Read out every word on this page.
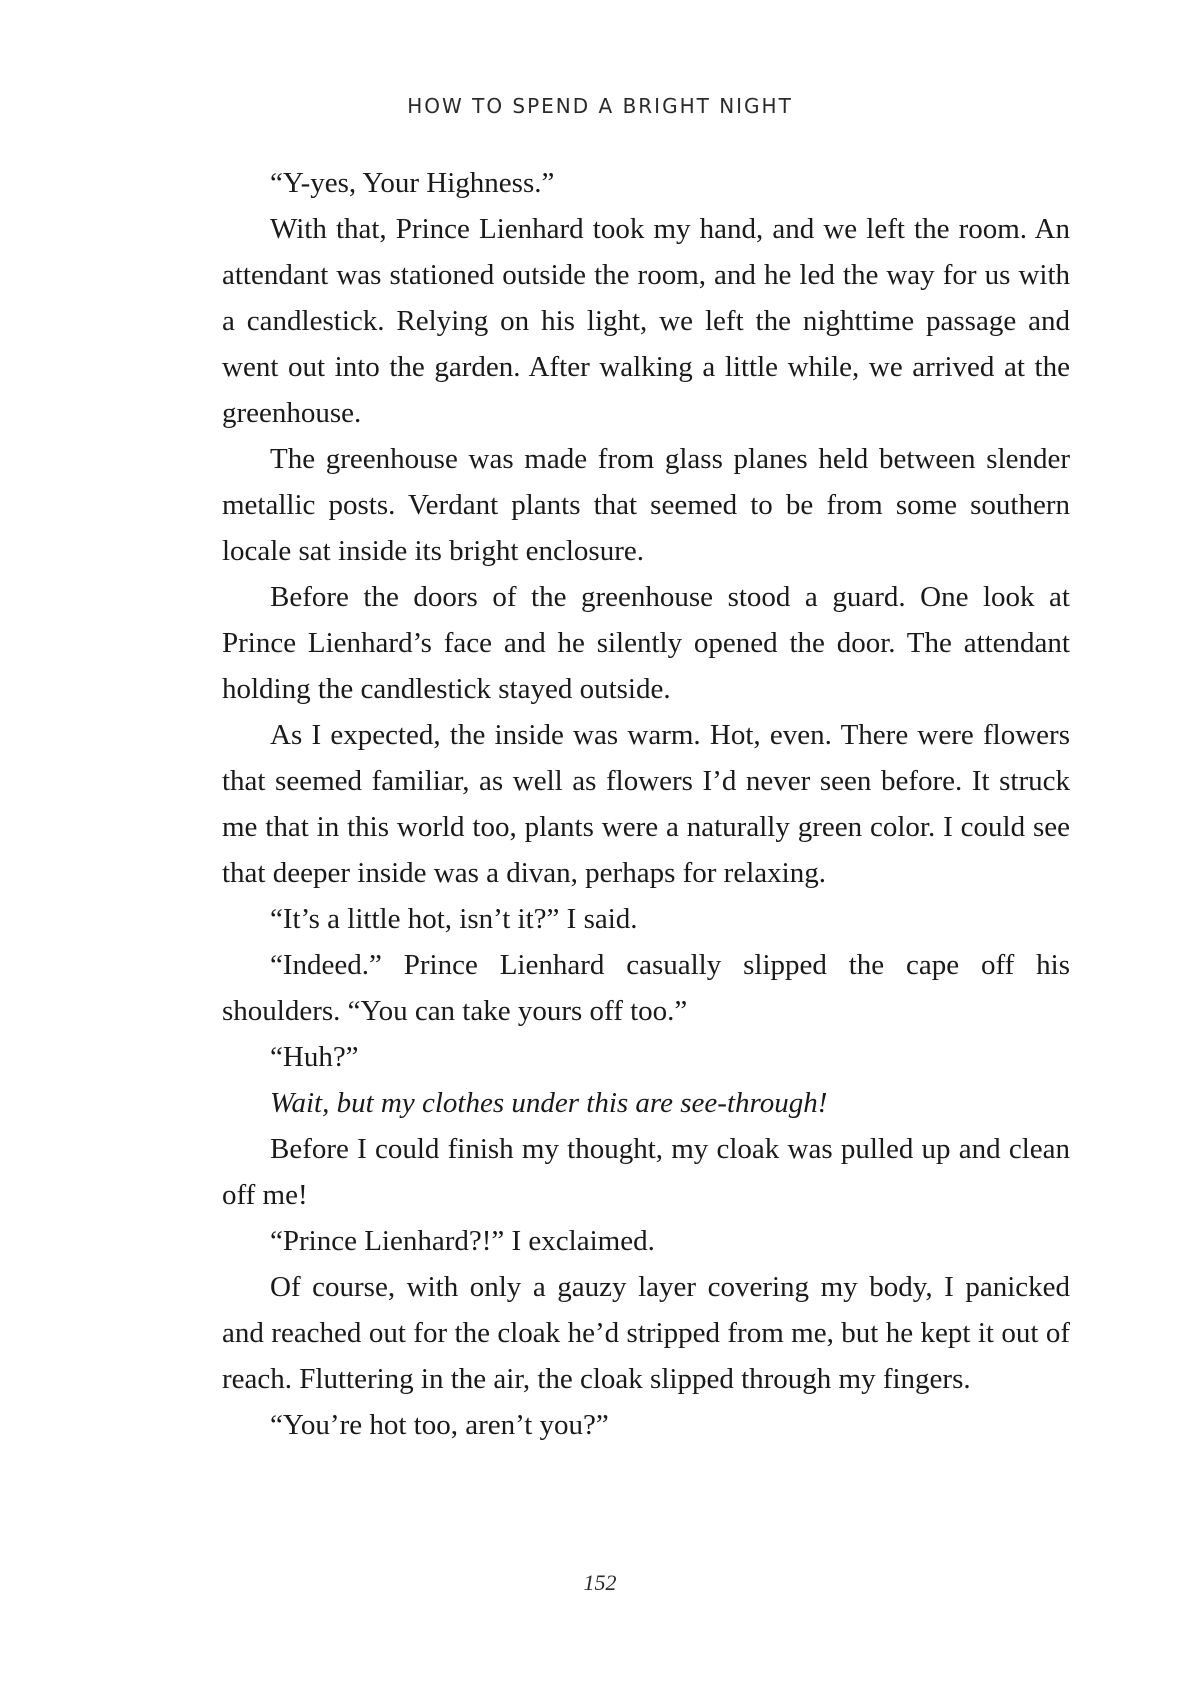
HOW TO SPEND A BRIGHT NIGHT

“Y-yes, Your Highness.”

With that, Prince Lienhard took my hand, and we left the room. An attendant was stationed outside the room, and he led the way for us with a candlestick. Relying on his light, we left the nighttime passage and went out into the garden. After walking a little while, we arrived at the greenhouse.

The greenhouse was made from glass planes held between slender metallic posts. Verdant plants that seemed to be from some southern locale sat inside its bright enclosure.

Before the doors of the greenhouse stood a guard. One look at Prince Lienhard’s face and he silently opened the door. The attendant holding the candlestick stayed outside.

As I expected, the inside was warm. Hot, even. There were flowers that seemed familiar, as well as flowers I’d never seen before. It struck me that in this world too, plants were a naturally green color. I could see that deeper inside was a divan, perhaps for relaxing.

“It’s a little hot, isn’t it?” I said.

“Indeed.” Prince Lienhard casually slipped the cape off his shoulders. “You can take yours off too.”

“Huh?”

Wait, but my clothes under this are see-through!

Before I could finish my thought, my cloak was pulled up and clean off me!

“Prince Lienhard?!” I exclaimed.

Of course, with only a gauzy layer covering my body, I panicked and reached out for the cloak he’d stripped from me, but he kept it out of reach. Fluttering in the air, the cloak slipped through my fingers.

“You’re hot too, aren’t you?”

152
